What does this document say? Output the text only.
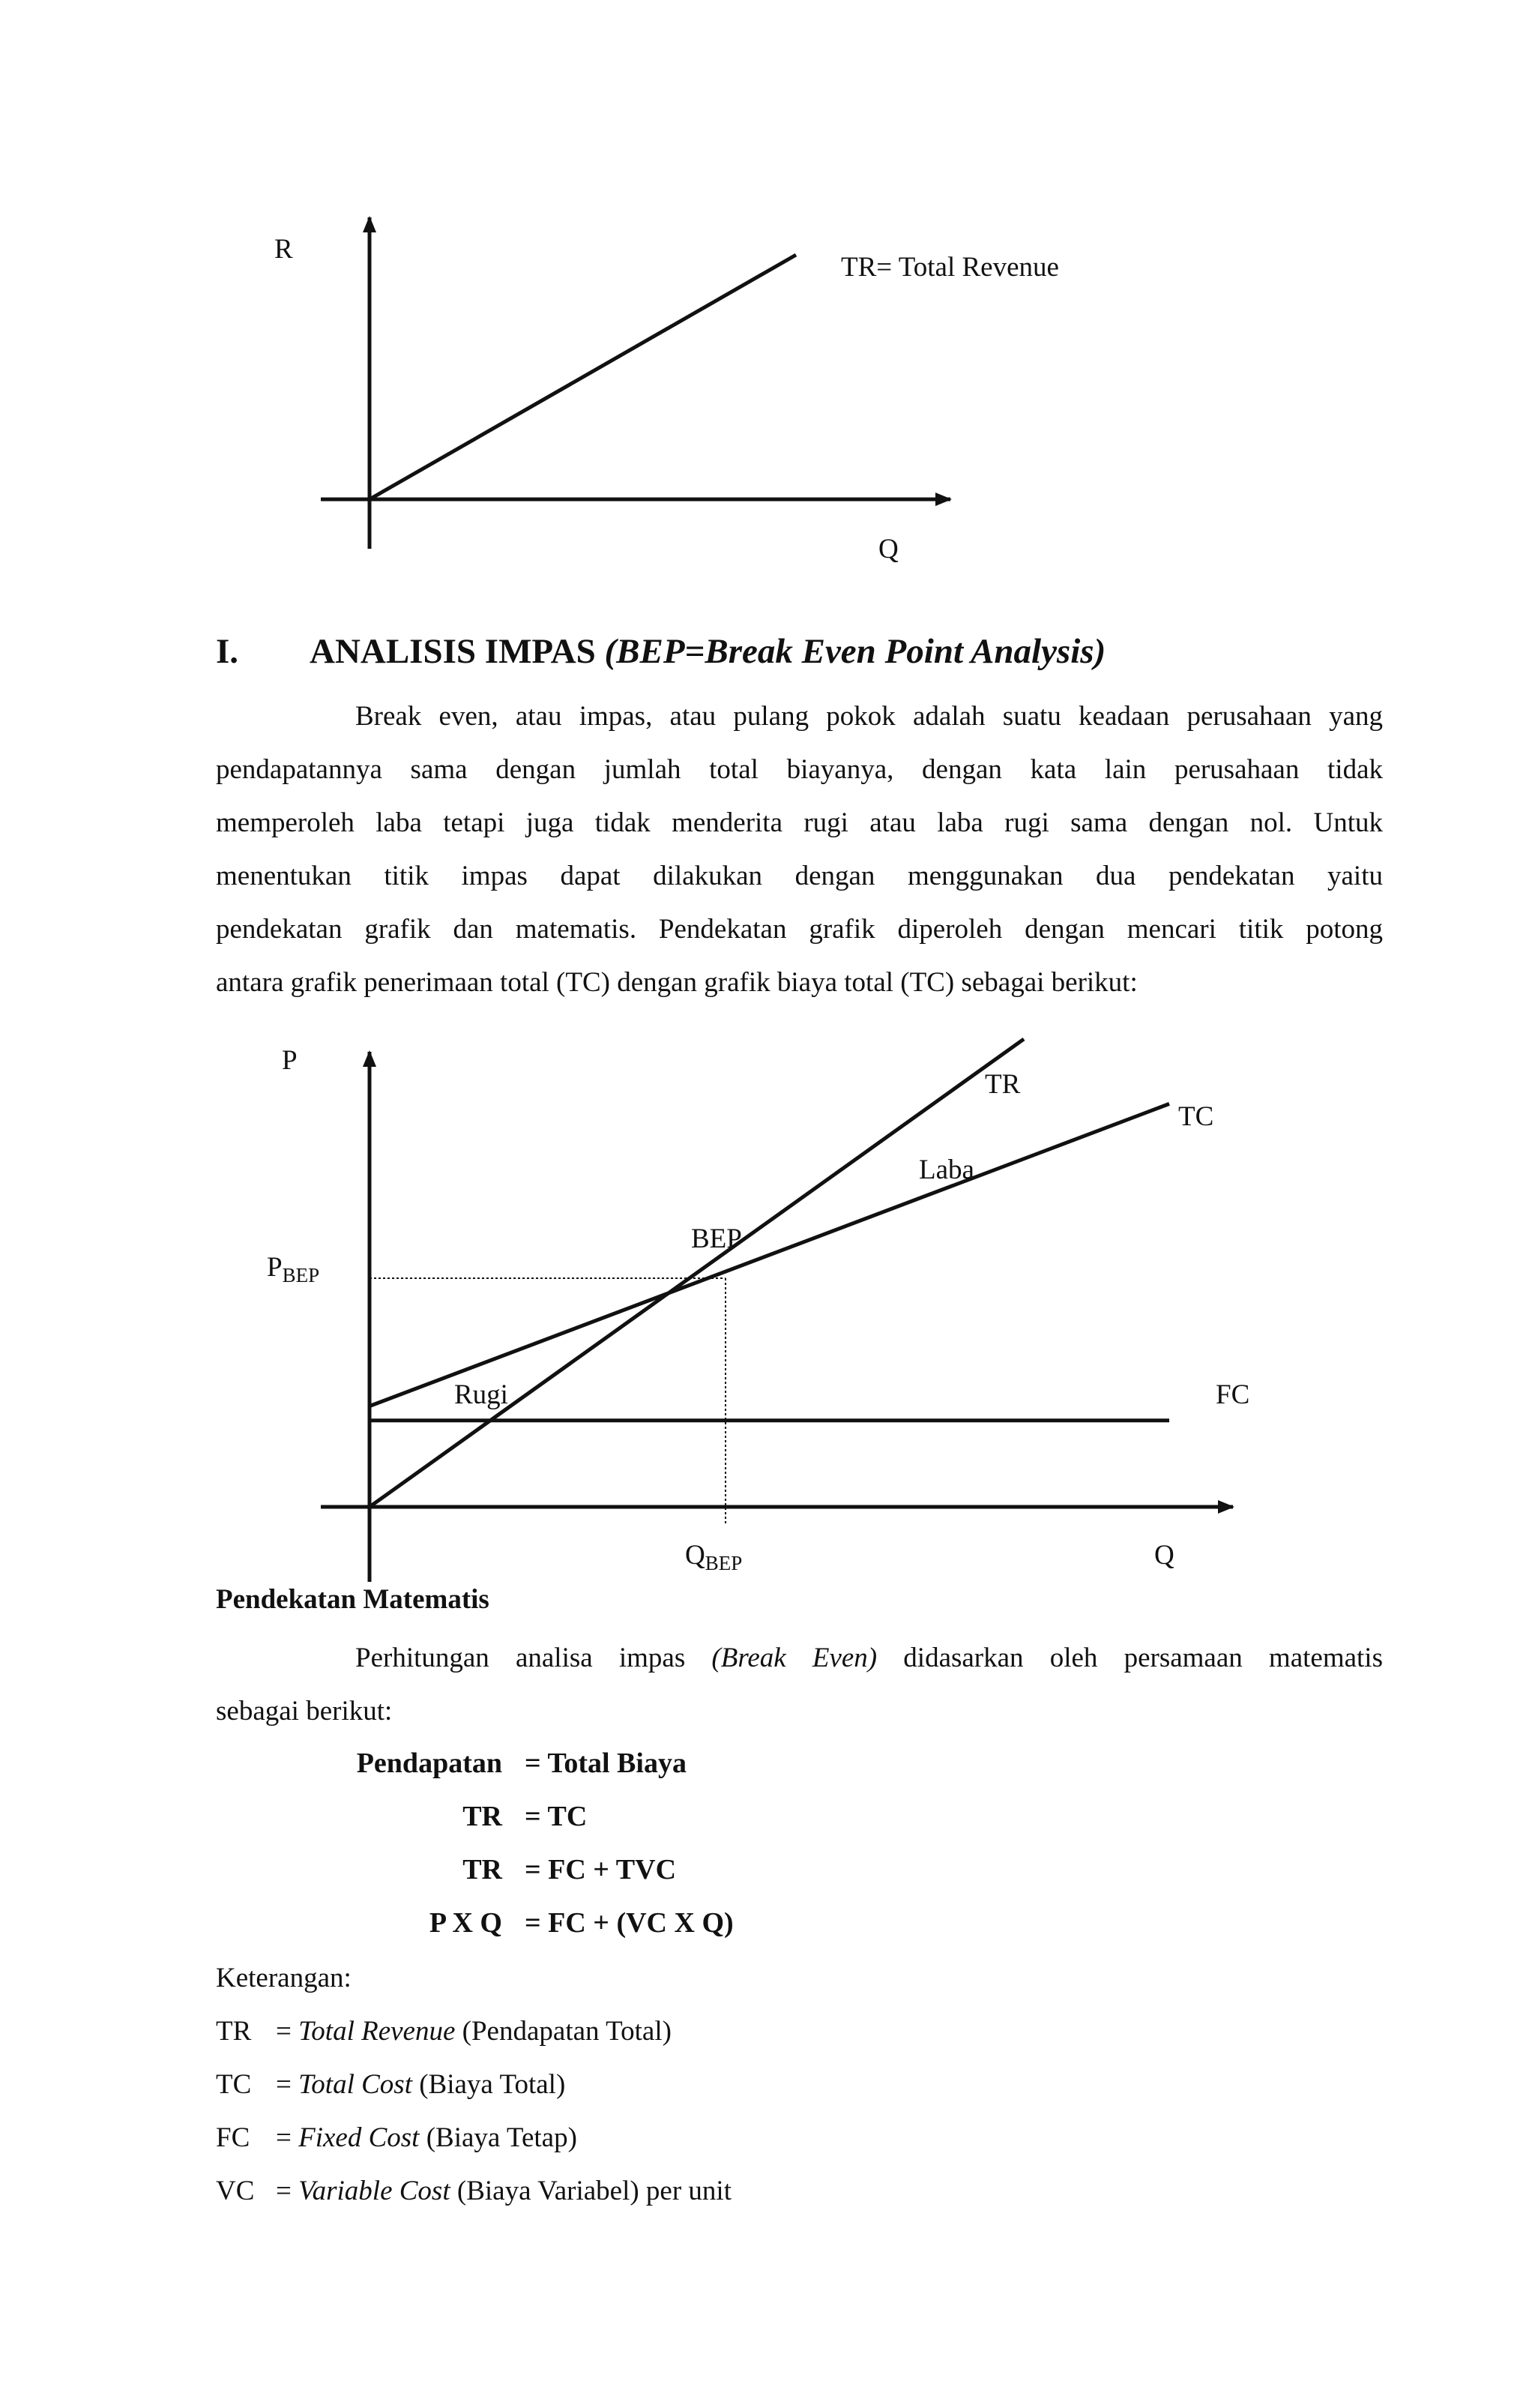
R
TR= Total Revenue
Q
I. ANALISIS IMPAS (BEP=Break Even Point Analysis)
Break even, atau impas, atau pulang pokok adalah suatu keadaan perusahaan yang
pendapatannya sama dengan jumlah total biayanya, dengan kata lain perusahaan tidak
memperoleh laba tetapi juga tidak menderita rugi atau laba rugi sama dengan nol. Untuk
menentukan titik impas dapat dilakukan dengan menggunakan dua pendekatan yaitu
pendekatan grafik dan matematis. Pendekatan grafik diperoleh dengan mencari titik potong
antara grafik penerimaan total (TC) dengan grafik biaya total (TC) sebagai berikut:
P
TR
TC
Laba
BEP
$P_{BEP}$
Rugi	FC
$Q_{BEP}$	Q
Pendekatan Matematis
Perhitungan analisa impas (Break Even) didasarkan oleh persamaan matematis
sebagai berikut:
Pendapatan = Total Biaya
TR = TC
TR = FC + TVC
P X Q = FC + (VC X Q)
Keterangan:
TR = Total Revenue (Pendapatan Total)
TC = Total Cost (Biaya Total)
FC = Fixed Cost (Biaya Tetap)
VC = Variable Cost (Biaya Variabel) per unit
